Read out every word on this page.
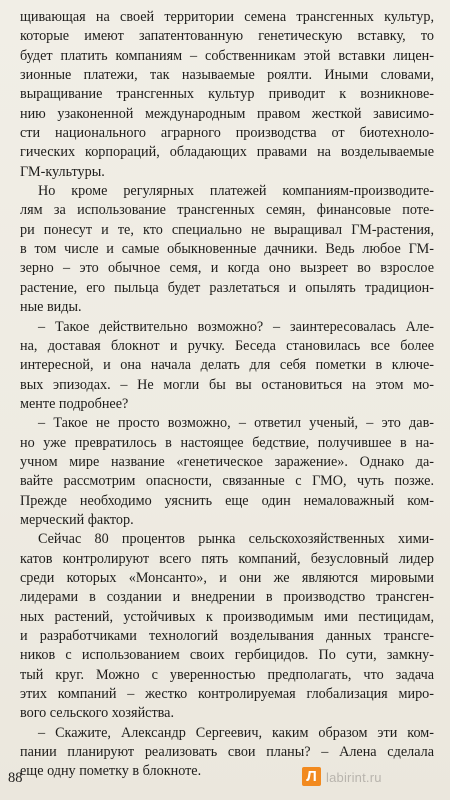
щивающая на своей территории семена трансгенных культур,
которые имеют запатентованную генетическую вставку, то
будет платить компаниям – собственникам этой вставки лицен-
зионные платежи, так называемые роялти. Иными словами,
выращивание трансгенных культур приводит к возникнове-
нию узаконенной международным правом жесткой зависимо-
сти национального аграрного производства от биотехноло-
гических корпораций, обладающих правами на возделываемые
ГМ-культуры.
Но кроме регулярных платежей компаниям-производите-
лям за использование трансгенных семян, финансовые поте-
ри понесут и те, кто специально не выращивал ГМ-растения,
в том числе и самые обыкновенные дачники. Ведь любое ГМ-
зерно – это обычное семя, и когда оно вызреет во взрослое
растение, его пыльца будет разлетаться и опылять традицион-
ные виды.
– Такое действительно возможно? – заинтересовалась Але-
на, доставая блокнот и ручку. Беседа становилась все более
интересной, и она начала делать для себя пометки в ключе-
вых эпизодах. – Не могли бы вы остановиться на этом мо-
менте подробнее?
– Такое не просто возможно, – ответил ученый, – это дав-
но уже превратилось в настоящее бедствие, получившее в на-
учном мире название «генетическое заражение». Однако да-
вайте рассмотрим опасности, связанные с ГМО, чуть позже.
Прежде необходимо уяснить еще один немаловажный ком-
мерческий фактор.
Сейчас 80 процентов рынка сельскохозяйственных хими-
катов контролируют всего пять компаний, безусловный лидер
среди которых «Монсанто», и они же являются мировыми
лидерами в создании и внедрении в производство трансген-
ных растений, устойчивых к производимым ими пестицидам,
и разработчиками технологий возделывания данных трансге-
ников с использованием своих гербицидов. По сути, замкну-
тый круг. Можно с уверенностью предполагать, что задача
этих компаний – жестко контролируемая глобализация миро-
вого сельского хозяйства.
– Скажите, Александр Сергеевич, каким образом эти ком-
пании планируют реализовать свои планы? – Алена сделала
еще одну пометку в блокноте.
88	Л labirint.ru
